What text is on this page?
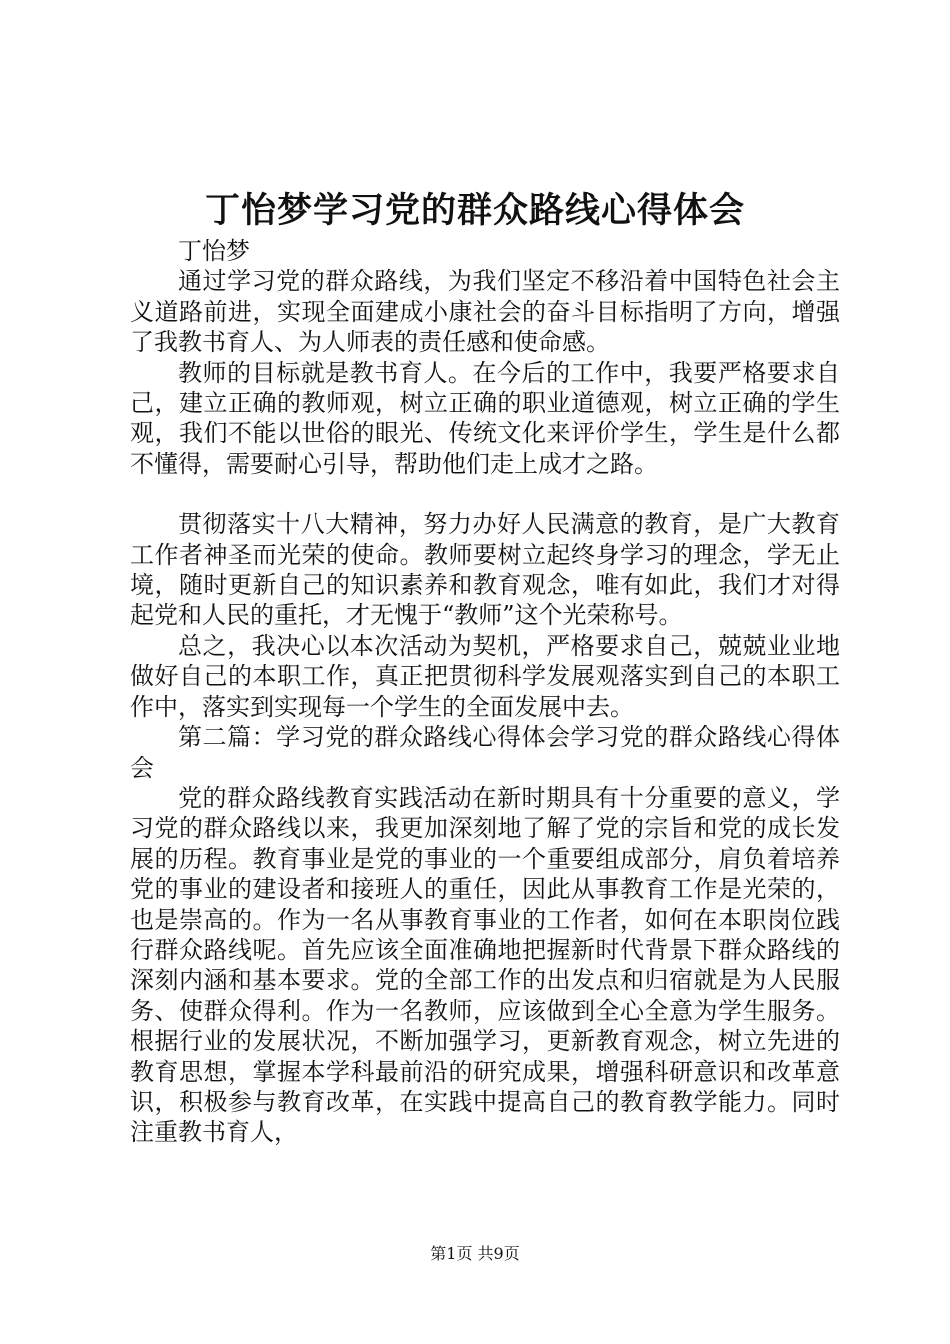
丁怡梦学习党的群众路线心得体会

丁怡梦

通过学习党的群众路线，为我们坚定不移沿着中国特色社会主义道路前进，实现全面建成小康社会的奋斗目标指明了方向，增强了我教书育人、为人师表的责任感和使命感。

教师的目标就是教书育人。在今后的工作中，我要严格要求自己，建立正确的教师观，树立正确的职业道德观，树立正确的学生观，我们不能以世俗的眼光、传统文化来评价学生，学生是什么都不懂得，需要耐心引导，帮助他们走上成才之路。

贯彻落实十八大精神，努力办好人民满意的教育，是广大教育工作者神圣而光荣的使命。教师要树立起终身学习的理念，学无止境，随时更新自己的知识素养和教育观念，唯有如此，我们才对得起党和人民的重托，才无愧于“教师”这个光荣称号。

总之，我决心以本次活动为契机，严格要求自己，兢兢业业地做好自己的本职工作，真正把贯彻科学发展观落实到自己的本职工作中，落实到实现每一个学生的全面发展中去。

第二篇：学习党的群众路线心得体会学习党的群众路线心得体会

党的群众路线教育实践活动在新时期具有十分重要的意义，学习党的群众路线以来，我更加深刻地了解了党的宗旨和党的成长发展的历程。教育事业是党的事业的一个重要组成部分，肩负着培养党的事业的建设者和接班人的重任，因此从事教育工作是光荣的，也是崇高的。作为一名从事教育事业的工作者，如何在本职岗位践行群众路线呢。首先应该全面准确地把握新时代背景下群众路线的深刻内涵和基本要求。党的全部工作的出发点和归宿就是为人民服务、使群众得利。作为一名教师，应该做到全心全意为学生服务。根据行业的发展状况，不断加强学习，更新教育观念，树立先进的教育思想，掌握本学科最前沿的研究成果，增强科研意识和改革意识，积极参与教育改革，在实践中提高自己的教育教学能力。同时注重教书育人，

第1页 共9页
